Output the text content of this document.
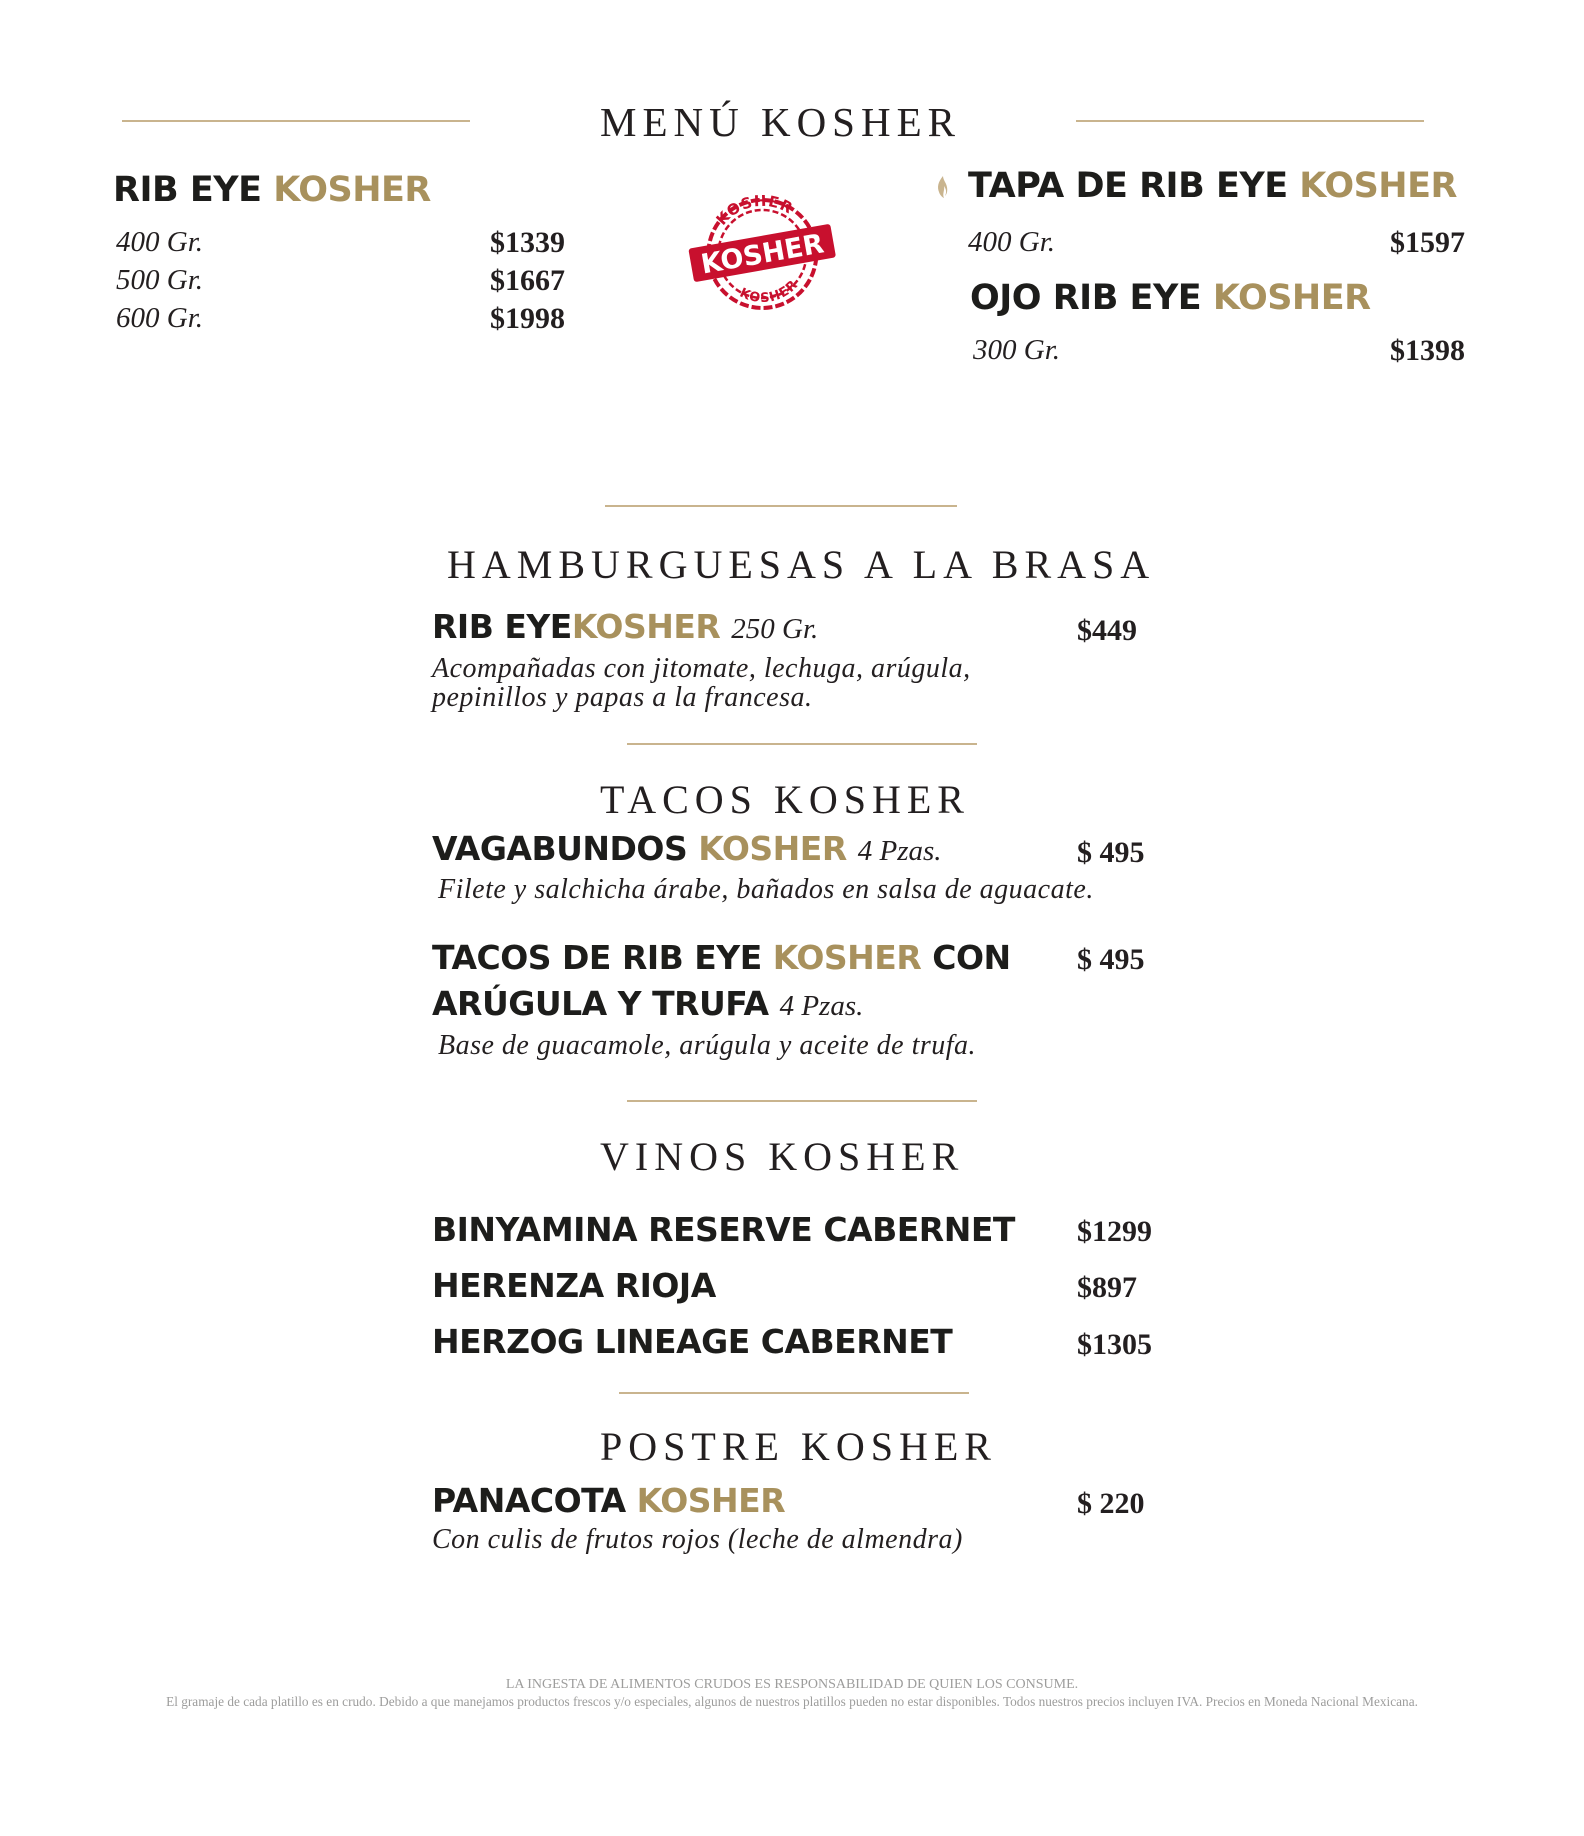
MENÚ KOSHER
RIB EYE KOSHER
400 Gr.	$1339
500 Gr.	$1667
600 Gr.	$1998
KOSHER
KOSHER
KOSHER
TAPA DE RIB EYE KOSHER
400 Gr.	$1597
OJO RIB EYE KOSHER
300 Gr.	$1398
HAMBURGUESAS A LA BRASA
RIB EYEKOSHER 250 Gr.	$449
Acompañadas con jitomate, lechuga, arúgula,
pepinillos y papas a la francesa.
TACOS KOSHER
VAGABUNDOS KOSHER 4 Pzas.	$ 495
Filete y salchicha árabe, bañados en salsa de aguacate.
TACOS DE RIB EYE KOSHER CON $ 495
ARÚGULA Y TRUFA 4 Pzas.
Base de guacamole, arúgula y aceite de trufa.
VINOS KOSHER
BINYAMINA RESERVE CABERNET $1299
HERENZA RIOJA	$897
HERZOG LINEAGE CABERNET	$1305
POSTRE KOSHER
PANACOTA KOSHER	$ 220
Con culis de frutos rojos (leche de almendra)
LA INGESTA DE ALIMENTOS CRUDOS ES RESPONSABILIDAD DE QUIEN LOS CONSUME.
El gramaje de cada platillo es en crudo. Debido a que manejamos productos frescos y/o especiales, algunos de nuestros platillos pueden no estar disponibles. Todos nuestros precios incluyen IVA. Precios en Moneda Nacional Mexicana.
